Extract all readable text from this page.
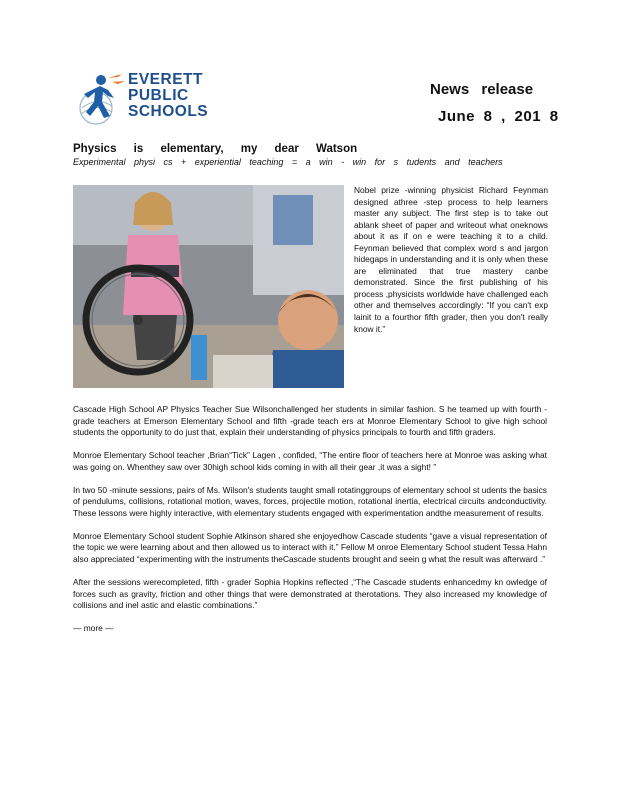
EVERETT
PUBLIC
SCHOOLS
News release
June 8 , 201 8
Physics is elementary, my dear Watson
Experimental physi cs + experiential teaching = a win - win for s tudents and teachers
Nobel prize -winning physicist Richard Feynman designed athree -step process to help learners master any subject. The first step is to take out ablank sheet of paper and writeout what oneknows about it as if on e were teaching it to a child. Feynman believed that complex word s and jargon hidegaps in understanding and it is only when these are eliminated that true mastery canbe demonstrated. Since the first publishing of his process ,physicists worldwide have challenged each other and themselves accordingly: “If you can't exp lainit to a fourthor fifth grader, then you don't really know it.”

Cascade High School AP Physics Teacher Sue Wilsonchallenged her students in similar fashion. S he teamed up with fourth -grade teachers at Emerson Elementary School and fifth -grade teach ers at Monroe Elementary School to give high school students the opportunity to do just that, explain their understanding of physics principals to fourth and fifth graders.

Monroe Elementary School teacher ,Brian“Tick” Lagen , confided, “The entire floor of teachers here at Monroe was asking what was going on. Whenthey saw over 30high school kids coming in with all their gear ,it was a sight! ”

In two 50 -minute sessions, pairs of Ms. Wilson's students taught small rotatinggroups of elementary school st udents the basics of pendulums, collisions, rotational motion, waves, forces, projectile motion, rotational inertia, electrical circuits andconductivity. These lessons were highly interactive, with elementary students engaged with experimentation andthe measurement of results.

Monroe Elementary School student Sophie Atkinson shared she enjoyedhow Cascade students “gave a visual representation of the topic we were learning about and then allowed us to interact with it.” Fellow M onroe Elementary School student Tessa Hahn also appreciated “experimenting with the instruments theCascade students brought and seein g what the result was afterward .”

After the sessions werecompleted, fifth - grader Sophia Hopkins reflected ,“The Cascade students enhancedmy kn owledge of forces such as gravity, friction and other things that were demonstrated at therotations. They also increased my knowledge of collisions and inel astic and elastic combinations.”

— more —
